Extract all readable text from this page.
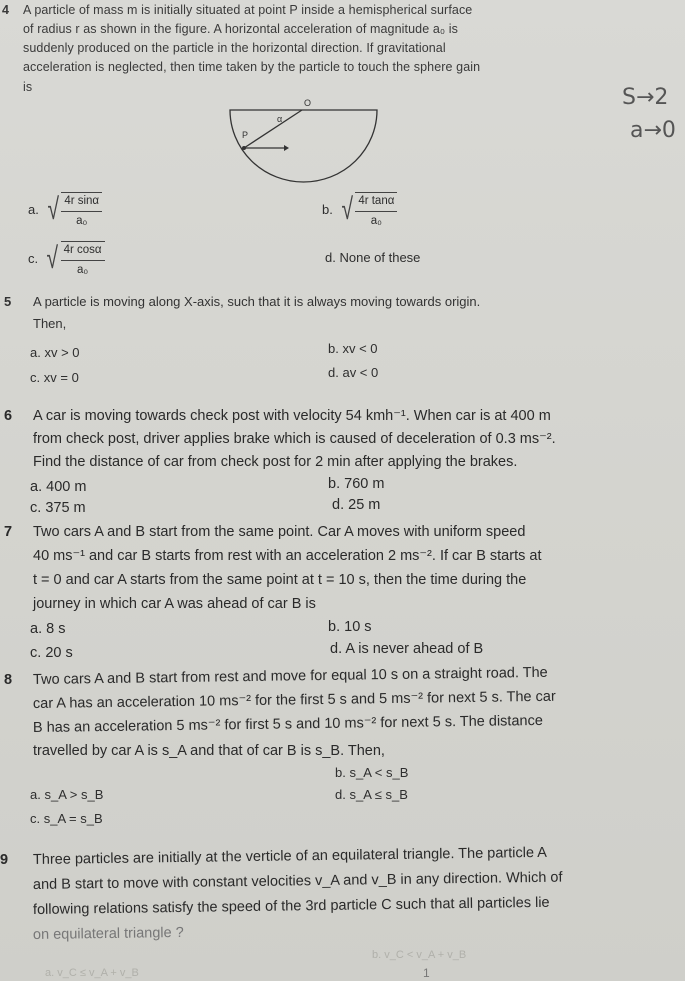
4 A particle of mass m is initially situated at point P inside a hemispherical surface
of radius r as shown in the figure. A horizontal acceleration of magnitude a₀ is
suddenly produced on the particle in the horizontal direction. If gravitational
acceleration is neglected, then time taken by the particle to touch the sphere gain
is
O
α
P
a. √ $\frac{\text{4r sinα}}{\text{a₀}}$	b. √ $\frac{\text{4r tanα}}{\text{a₀}}$
c. √ $\frac{\text{4r cosα}}{\text{a₀}}$	d. None of these
5 A particle is moving along X-axis, such that it is always moving towards origin.
Then,
a. xv > 0	b. xv < 0
c. xv = 0	d. av < 0
6 A car is moving towards check post with velocity 54 kmh⁻¹. When car is at 400 m
from check post, driver applies brake which is caused of deceleration of 0.3 ms⁻².
Find the distance of car from check post for 2 min after applying the brakes.
a. 400 m	b. 760 m
c. 375 m	d. 25 m
7 Two cars A and B start from the same point. Car A moves with uniform speed
40 ms⁻¹ and car B starts from rest with an acceleration 2 ms⁻². If car B starts at
t = 0 and car A starts from the same point at t = 10 s, then the time during the
journey in which car A was ahead of car B is
a. 8 s	b. 10 s
c. 20 s	d. A is never ahead of B
8 Two cars A and B start from rest and move for equal 10 s on a straight road. The
car A has an acceleration 10 ms⁻² for the first 5 s and 5 ms⁻² for next 5 s. The car
B has an acceleration 5 ms⁻² for first 5 s and 10 ms⁻² for next 5 s. The distance
travelled by car A is s_A and that of car B is s_B. Then,
b. s_A < s_B
a. s_A > s_B	d. s_A ≤ s_B
c. s_A = s_B
9 Three particles are initially at the verticle of an equilateral triangle. The particle A
and B start to move with constant velocities v_A and v_B in any direction. Which of
following relations satisfy the speed of the 3rd particle C such that all particles lie
on equilateral triangle ?
b. v_C < v_A + v_B
a. v_C ≤ v_A + v_B	1
S→2
a→0
